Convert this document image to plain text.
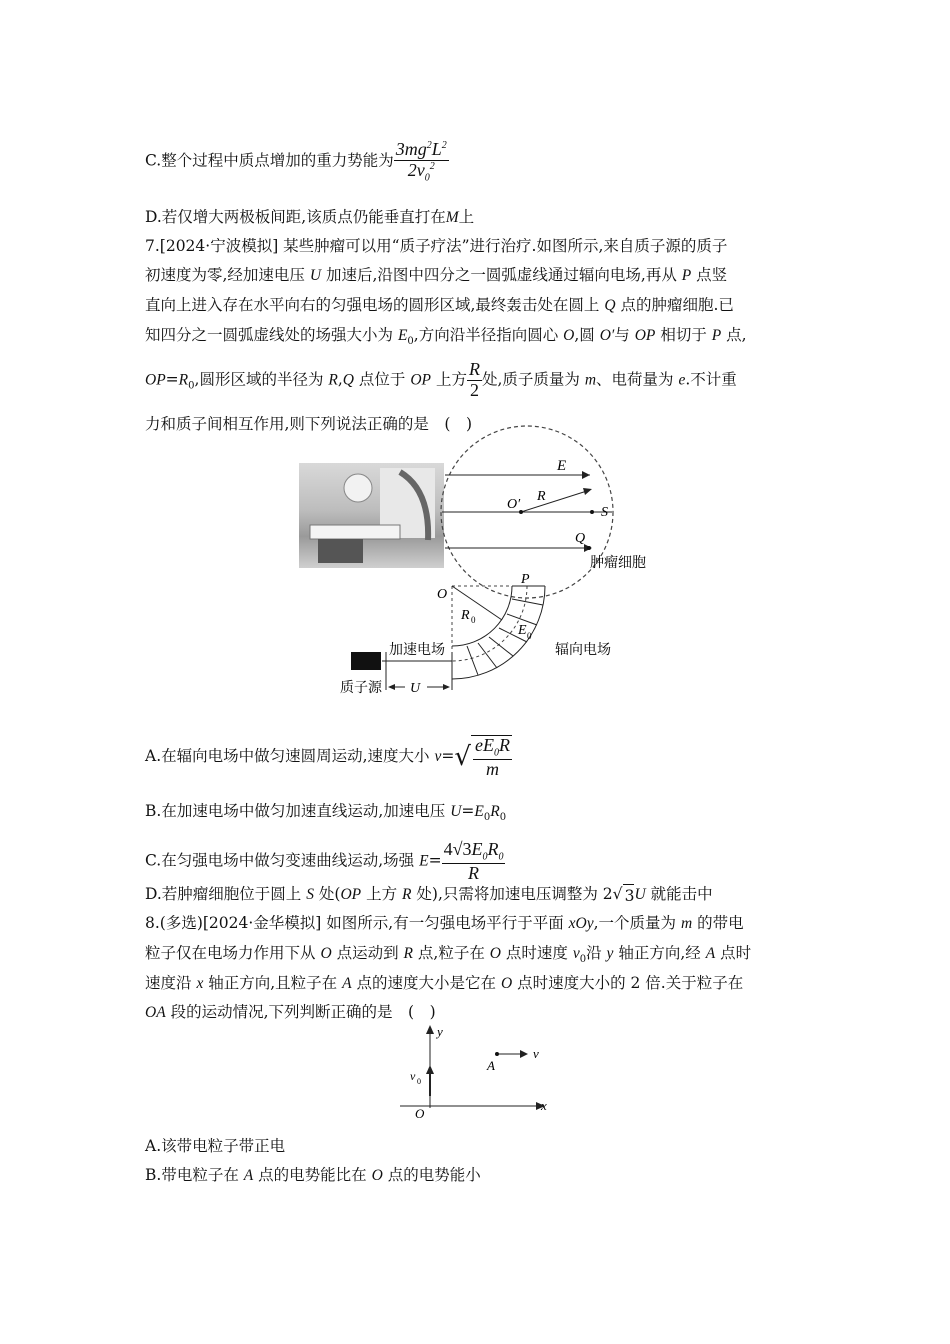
C.整个过程中质点增加的重力势能为 $\frac{3mg^2L^2}{2v_0^2}$
D.若仅增大两极板间距,该质点仍能垂直打在M上
7.[2024·宁波模拟] 某些肿瘤可以用“质子疗法”进行治疗.如图所示,来自质子源的质子
初速度为零,经加速电压 U 加速后,沿图中四分之一圆弧虚线通过辐向电场,再从 P 点竖
直向上进入存在水平向右的匀强电场的圆形区域,最终轰击处在圆上 Q 点的肿瘤细胞.已
知四分之一圆弧虚线处的场强大小为 $E_0$,方向沿半径指向圆心 O,圆 O′与 OP 相切于 P 点,
$OP=R_0$,圆形区域的半径为 R,Q 点位于 OP 上方 $\frac{R}{2}$ 处,质子质量为 m、电荷量为 e.不计重
力和质子间相互作用,则下列说法正确的是　(　)
E
O′
R
S
Q
肿瘤细胞
P
O
R 0
E 0
辐向电场
加速电场
质子源 U
A.在辐向电场中做匀速圆周运动,速度大小 $v=√ \frac{eE_0R}{m}$
B.在加速电场中做匀加速直线运动,加速电压 $U=E_0R_0$
C.在匀强电场中做匀变速曲线运动,场强 $E= \frac{4√3E_0R_0}{R}$
D.若肿瘤细胞位于圆上 S 处(OP 上方 R 处),只需将加速电压调整为 2√ 3U 就能击中
8.(多选)[2024·金华模拟] 如图所示,有一匀强电场平行于平面 xOy,一个质量为 m 的带电
粒子仅在电场力作用下从 O 点运动到 R 点,粒子在 O 点时速度 $v_0$沿 y 轴正方向,经 A 点时
速度沿 x 轴正方向,且粒子在 A 点的速度大小是它在 O 点时速度大小的 2 倍.关于粒子在
OA 段的运动情况,下列判断正确的是　(　)
y
x
O
A
v
v 0
A.该带电粒子带正电
B.带电粒子在 A 点的电势能比在 O 点的电势能小
